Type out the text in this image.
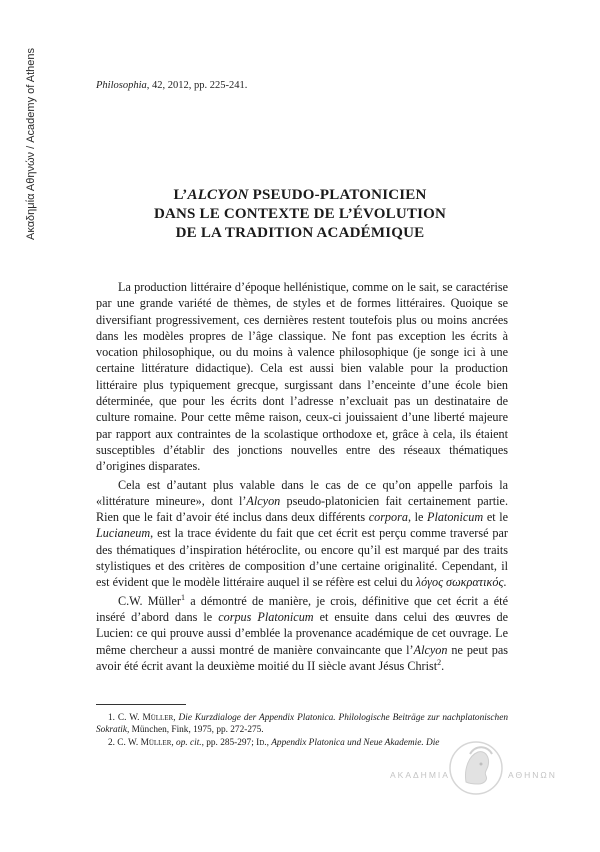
Ακαδημία Αθηνών / Academy of Athens	Philosophia, 42, 2012, pp. 225-241.
L’ALCYON PSEUDO-PLATONICIEN
DANS LE CONTEXTE DE L’ÉVOLUTION
DE LA TRADITION ACADÉMIQUE

La production littéraire d’époque hellénistique, comme on le sait, se caractérise par une grande variété de thèmes, de styles et de formes littéraires. Quoique se diversifiant progressivement, ces dernières restent toutefois plus ou moins ancrées dans les modèles propres de l’âge classique. Ne font pas exception les écrits à vocation philosophique, ou du moins à valence philosophique (je songe ici à une certaine littérature didactique). Cela est aussi bien valable pour la production littéraire plus typiquement grecque, surgissant dans l’enceinte d’une école bien déterminée, que pour les écrits dont l’adresse n’excluait pas un destinataire de culture romaine. Pour cette même raison, ceux-ci jouissaient d’une liberté majeure par rapport aux contraintes de la scolastique orthodoxe et, grâce à cela, ils étaient susceptibles d’établir des jonctions nouvelles entre des réseaux thématiques d’origines disparates.

Cela est d’autant plus valable dans le cas de ce qu’on appelle parfois la «littérature mineure», dont l’Alcyon pseudo-platonicien fait certainement partie. Rien que le fait d’avoir été inclus dans deux différents corpora, le Platonicum et le Lucianeum, est la trace évidente du fait que cet écrit est perçu comme traversé par des thématiques d’inspiration hétéroclite, ou encore qu’il est marqué par des traits stylistiques et des critères de composition d’une certaine originalité. Cependant, il est évident que le modèle littéraire auquel il se réfère est celui du λόγος σωκρατικός.

C.W. Müller$^1$ a démontré de manière, je crois, définitive que cet écrit a été inséré d’abord dans le corpus Platonicum et ensuite dans celui des œuvres de Lucien: ce qui prouve aussi d’emblée la provenance académique de cet ouvrage. Le même chercheur a aussi montré de manière convaincante que l’Alcyon ne peut pas avoir été écrit avant la deuxième moitié du II siècle avant Jésus Christ$^2$.

1. C. W. Müller, Die Kurzdialoge der Appendix Platonica. Philologische Beiträge zur nachplatonischen Sokratik, München, Fink, 1975, pp. 272-275.

2. C. W. Müller, op. cit., pp. 285-297; Id., Appendix Platonica und Neue Akademie. Die

ΑΚΑΔΗΜΙΑ	ΑΘΗΝΩΝ
